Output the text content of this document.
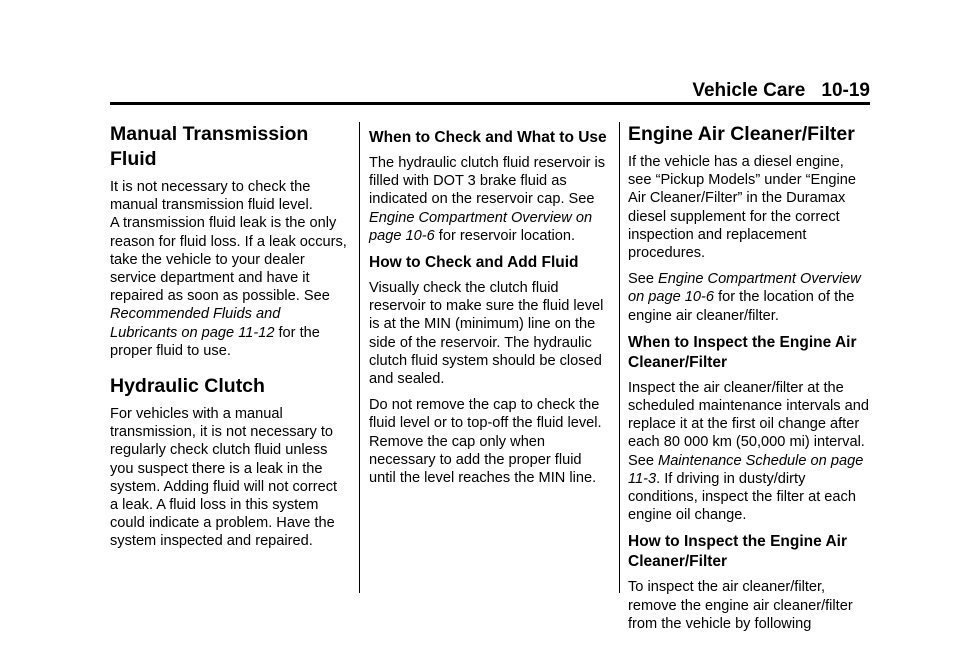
Vehicle Care 10-19
Manual Transmission Fluid
It is not necessary to check the manual transmission fluid level.
A transmission fluid leak is the only reason for fluid loss. If a leak occurs, take the vehicle to your dealer service department and have it repaired as soon as possible. See Recommended Fluids and Lubricants on page 11-12 for the proper fluid to use.
Hydraulic Clutch
For vehicles with a manual transmission, it is not necessary to regularly check clutch fluid unless you suspect there is a leak in the system. Adding fluid will not correct a leak. A fluid loss in this system could indicate a problem. Have the system inspected and repaired.
When to Check and What to Use
The hydraulic clutch fluid reservoir is filled with DOT 3 brake fluid as indicated on the reservoir cap. See Engine Compartment Overview on page 10-6 for reservoir location.
How to Check and Add Fluid
Visually check the clutch fluid reservoir to make sure the fluid level is at the MIN (minimum) line on the side of the reservoir. The hydraulic clutch fluid system should be closed and sealed.
Do not remove the cap to check the fluid level or to top-off the fluid level. Remove the cap only when necessary to add the proper fluid until the level reaches the MIN line.
Engine Air Cleaner/Filter
If the vehicle has a diesel engine, see “Pickup Models” under “Engine Air Cleaner/Filter” in the Duramax diesel supplement for the correct inspection and replacement procedures.
See Engine Compartment Overview on page 10-6 for the location of the engine air cleaner/filter.
When to Inspect the Engine Air Cleaner/Filter
Inspect the air cleaner/filter at the scheduled maintenance intervals and replace it at the first oil change after each 80 000 km (50,000 mi) interval. See Maintenance Schedule on page 11-3. If driving in dusty/dirty conditions, inspect the filter at each engine oil change.
How to Inspect the Engine Air Cleaner/Filter
To inspect the air cleaner/filter, remove the engine air cleaner/filter from the vehicle by following
